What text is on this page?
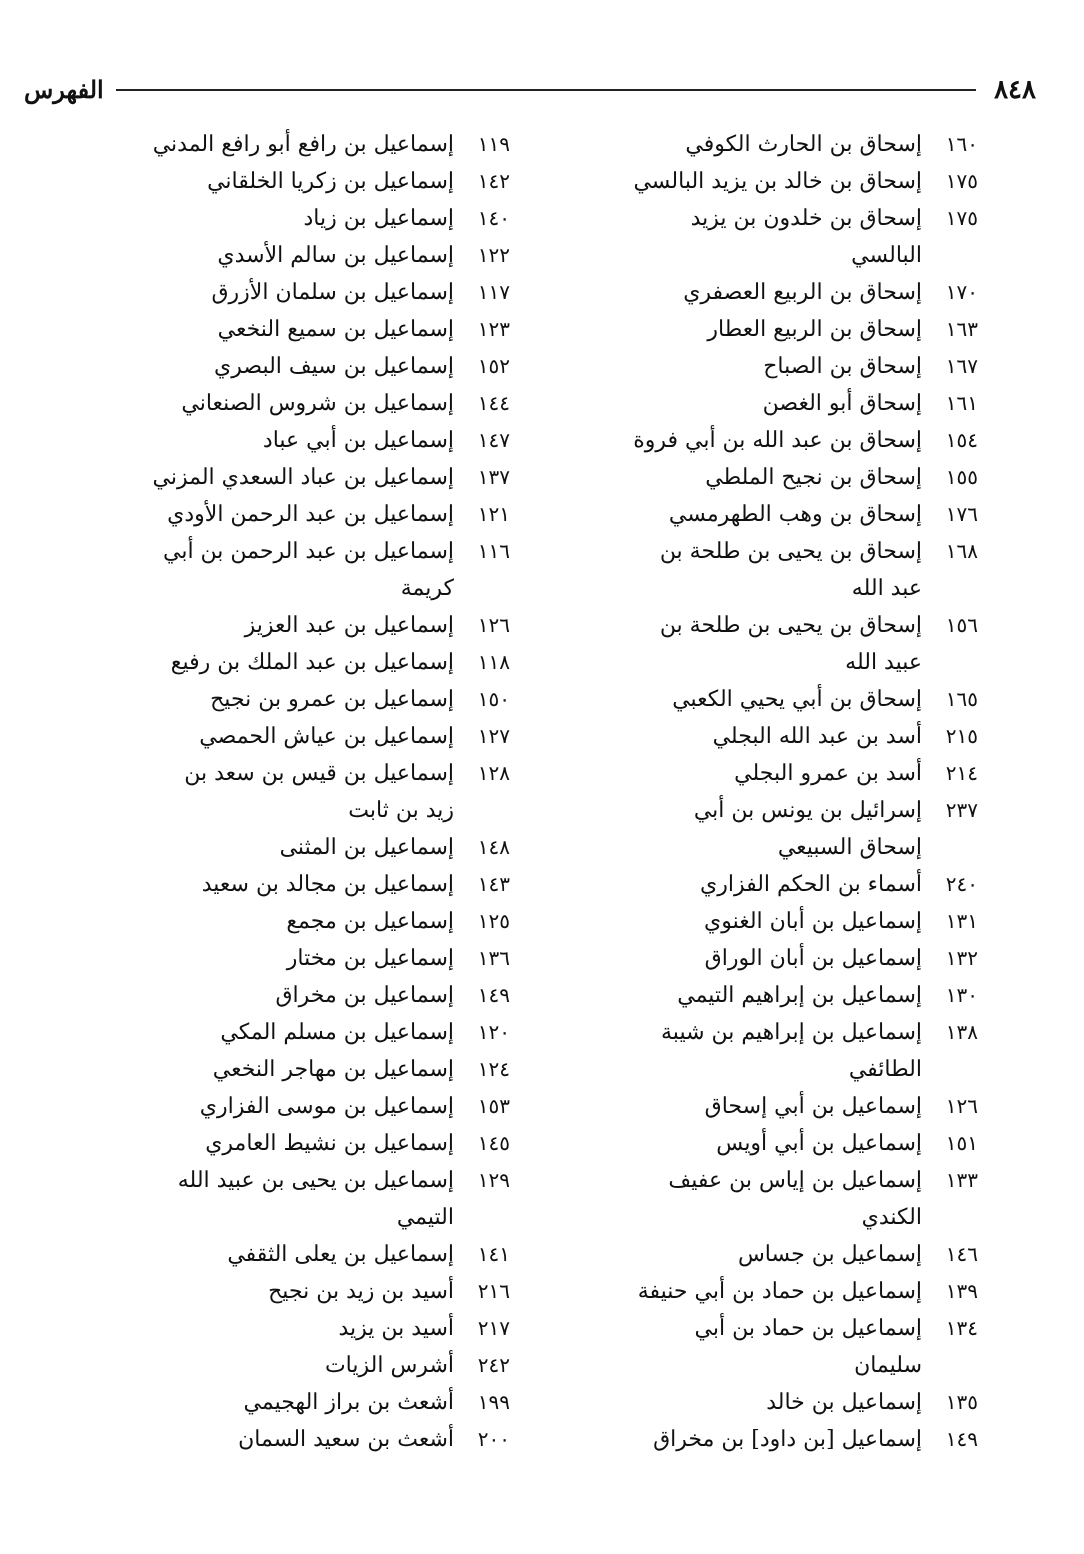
٨٤٨
الفهرس
١٦٠
إسحاق بن الحارث الكوفي
١٧٥
إسحاق بن خالد بن يزيد البالسي
١٧٥
إسحاق بن خلدون بن يزيد
البالسي
١٧٠
إسحاق بن الربيع العصفري
١٦٣
إسحاق بن الربيع العطار
١٦٧
إسحاق بن الصباح
١٦١
إسحاق أبو الغصن
١٥٤
إسحاق بن عبد الله بن أبي فروة
١٥٥
إسحاق بن نجيح الملطي
١٧٦
إسحاق بن وهب الطهرمسي
١٦٨
إسحاق بن يحيى بن طلحة بن
عبد الله
١٥٦
إسحاق بن يحيى بن طلحة بن
عبيد الله
١٦٥
إسحاق بن أبي يحيي الكعبي
٢١٥
أسد بن عبد الله البجلي
٢١٤
أسد بن عمرو البجلي
٢٣٧
إسرائيل بن يونس بن أبي
إسحاق السبيعي
٢٤٠
أسماء بن الحكم الفزاري
١٣١
إسماعيل بن أبان الغنوي
١٣٢
إسماعيل بن أبان الوراق
١٣٠
إسماعيل بن إبراهيم التيمي
١٣٨
إسماعيل بن إبراهيم بن شيبة
الطائفي
١٢٦
إسماعيل بن أبي إسحاق
١٥١
إسماعيل بن أبي أويس
١٣٣
إسماعيل بن إياس بن عفيف
الكندي
١٤٦
إسماعيل بن جساس
١٣٩
إسماعيل بن حماد بن أبي حنيفة
١٣٤
إسماعيل بن حماد بن أبي
سليمان
١٣٥
إسماعيل بن خالد
١٤٩
إسماعيل [بن داود] بن مخراق
١١٩
إسماعيل بن رافع أبو رافع المدني
١٤٢
إسماعيل بن زكريا الخلقاني
١٤٠
إسماعيل بن زياد
١٢٢
إسماعيل بن سالم الأسدي
١١٧
إسماعيل بن سلمان الأزرق
١٢٣
إسماعيل بن سميع النخعي
١٥٢
إسماعيل بن سيف البصري
١٤٤
إسماعيل بن شروس الصنعاني
١٤٧
إسماعيل بن أبي عباد
١٣٧
إسماعيل بن عباد السعدي المزني
١٢١
إسماعيل بن عبد الرحمن الأودي
١١٦
إسماعيل بن عبد الرحمن بن أبي
كريمة
١٢٦
إسماعيل بن عبد العزيز
١١٨
إسماعيل بن عبد الملك بن رفيع
١٥٠
إسماعيل بن عمرو بن نجيح
١٢٧
إسماعيل بن عياش الحمصي
١٢٨
إسماعيل بن قيس بن سعد بن
زيد بن ثابت
١٤٨
إسماعيل بن المثنى
١٤٣
إسماعيل بن مجالد بن سعيد
١٢٥
إسماعيل بن مجمع
١٣٦
إسماعيل بن مختار
١٤٩
إسماعيل بن مخراق
١٢٠
إسماعيل بن مسلم المكي
١٢٤
إسماعيل بن مهاجر النخعي
١٥٣
إسماعيل بن موسى الفزاري
١٤٥
إسماعيل بن نشيط العامري
١٢٩
إسماعيل بن يحيى بن عبيد الله
التيمي
١٤١
إسماعيل بن يعلى الثقفي
٢١٦
أسيد بن زيد بن نجيح
٢١٧
أسيد بن يزيد
٢٤٢
أشرس الزيات
١٩٩
أشعث بن براز الهجيمي
٢٠٠
أشعث بن سعيد السمان
